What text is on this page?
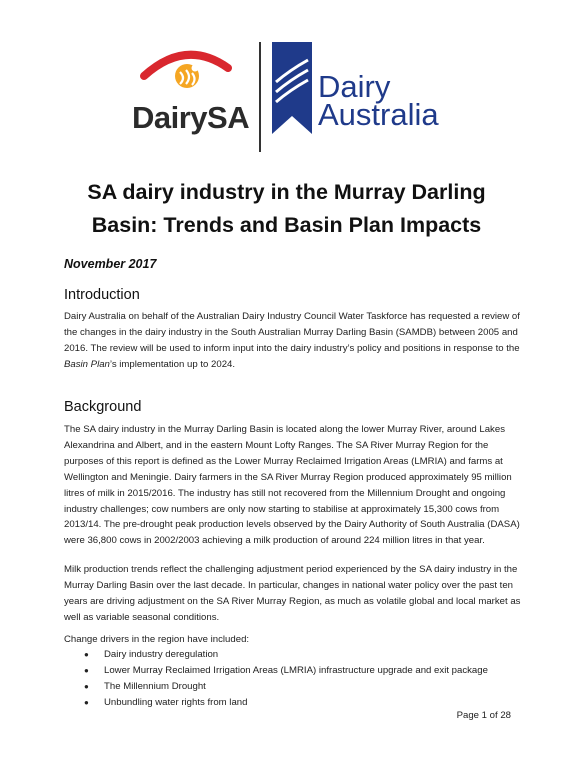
DairySA
Dairy
Australia
SA dairy industry in the Murray Darling
Basin: Trends and Basin Plan Impacts
November 2017
Introduction

Dairy Australia on behalf of the Australian Dairy Industry Council Water Taskforce has requested a review of the changes in the dairy industry in the South Australian Murray Darling Basin (SAMDB) between 2005 and 2016. The review will be used to inform input into the dairy industry’s policy and positions in response to the Basin Plan’s implementation up to 2024.

Background

The SA dairy industry in the Murray Darling Basin is located along the lower Murray River, around Lakes Alexandrina and Albert, and in the eastern Mount Lofty Ranges. The SA River Murray Region for the purposes of this report is defined as the Lower Murray Reclaimed Irrigation Areas (LMRIA) and farms at Wellington and Meningie. Dairy farmers in the SA River Murray Region produced approximately 95 million litres of milk in 2015/2016. The industry has still not recovered from the Millennium Drought and ongoing industry challenges; cow numbers are only now starting to stabilise at approximately 15,300 cows from 2013/14. The pre-drought peak production levels observed by the Dairy Authority of South Australia (DASA) were 36,800 cows in 2002/2003 achieving a milk production of around 224 million litres in that year.

Milk production trends reflect the challenging adjustment period experienced by the SA dairy industry in the Murray Darling Basin over the last decade. In particular, changes in national water policy over the past ten years are driving adjustment on the SA River Murray Region, as much as volatile global and local market as well as variable seasonal conditions.

Change drivers in the region have included:

● Dairy industry deregulation
● Lower Murray Reclaimed Irrigation Areas (LMRIA) infrastructure upgrade and exit package
● The Millennium Drought
● Unbundling water rights from land
Page 1 of 28
